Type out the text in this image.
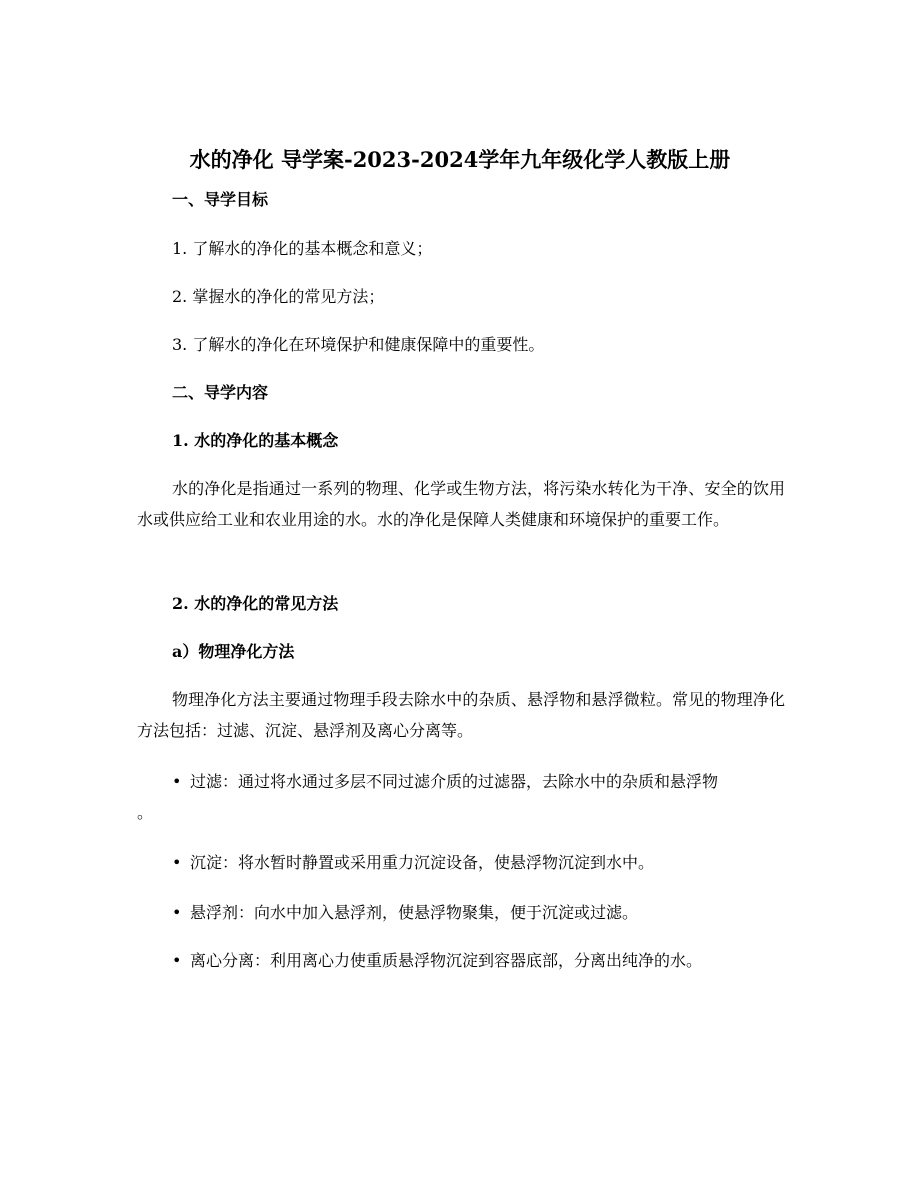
水的净化 导学案-2023-2024学年九年级化学人教版上册
一、导学目标
1. 了解水的净化的基本概念和意义；
2. 掌握水的净化的常见方法；
3. 了解水的净化在环境保护和健康保障中的重要性。
二、导学内容
1. 水的净化的基本概念
水的净化是指通过一系列的物理、化学或生物方法，将污染水转化为干净、安全的饮用水或供应给工业和农业用途的水。水的净化是保障人类健康和环境保护的重要工作。
2. 水的净化的常见方法
a）物理净化方法
物理净化方法主要通过物理手段去除水中的杂质、悬浮物和悬浮微粒。常见的物理净化方法包括：过滤、沉淀、悬浮剂及离心分离等。
• 过滤：通过将水通过多层不同过滤介质的过滤器，去除水中的杂质和悬浮物
。
• 沉淀：将水暂时静置或采用重力沉淀设备，使悬浮物沉淀到水中。
• 悬浮剂：向水中加入悬浮剂，使悬浮物聚集，便于沉淀或过滤。
• 离心分离：利用离心力使重质悬浮物沉淀到容器底部，分离出纯净的水。
